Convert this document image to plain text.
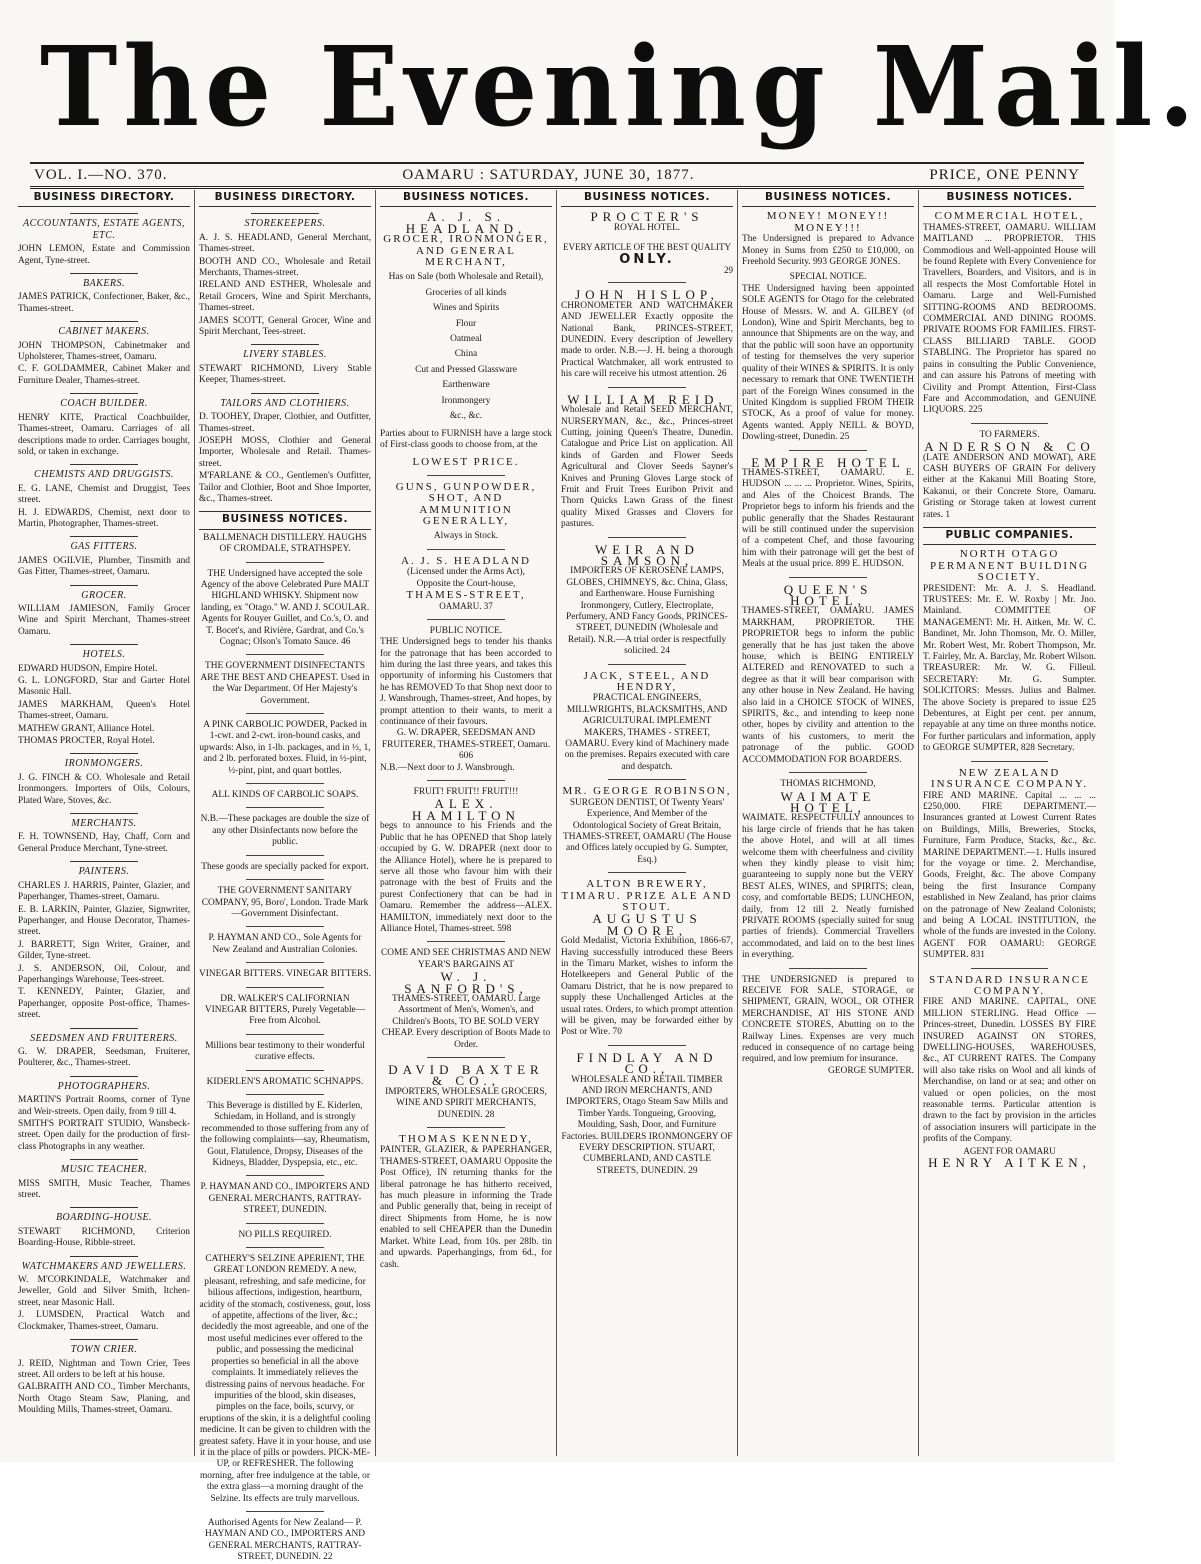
The Evening Mail.
VOL. I.—NO. 370.	OAMARU : SATURDAY, JUNE 30, 1877.	PRICE, ONE PENNY
BUSINESS DIRECTORY.
ACCOUNTANTS, ESTATE AGENTS, ETC.
JOHN LEMON, Estate and Commission Agent, Tyne-street.
BAKERS.
JAMES PATRICK, Confectioner, Baker, &c., Thames-street.
CABINET MAKERS.
JOHN THOMPSON, Cabinetmaker and Upholsterer, Thames-street, Oamaru.
C. F. GOLDAMMER, Cabinet Maker and Furniture Dealer, Thames-street.
COACH BUILDER.
HENRY KITE, Practical Coachbuilder, Thames-street, Oamaru. Carriages of all descriptions made to order. Carriages bought, sold, or taken in exchange.
CHEMISTS AND DRUGGISTS.
E. G. LANE, Chemist and Druggist, Tees street.
H. J. EDWARDS, Chemist, next door to Martin, Photographer, Thames-street.
GAS FITTERS.
JAMES OGILVIE, Plumber, Tinsmith and Gas Fitter, Thames-street, Oamaru.
GROCER.
WILLIAM JAMIESON, Family Grocer Wine and Spirit Merchant, Thames-street Oamaru.
HOTELS.
EDWARD HUDSON, Empire Hotel.
G. L. LONGFORD, Star and Garter Hotel Masonic Hall.
JAMES MARKHAM, Queen's Hotel Thames-street, Oamaru.
MATHEW GRANT, Alliance Hotel.
THOMAS PROCTER, Royal Hotel.
IRONMONGERS.
J. G. FINCH & CO. Wholesale and Retail Ironmongers. Importers of Oils, Colours, Plated Ware, Stoves, &c.
MERCHANTS.
F. H. TOWNSEND, Hay, Chaff, Corn and General Produce Merchant, Tyne-street.
PAINTERS.
CHARLES J. HARRIS, Painter, Glazier, and Paperhanger, Thames-street, Oamaru.
E. B. LARKIN, Painter, Glazier, Signwriter, Paperhanger, and House Decorator, Thames-street.
J. BARRETT, Sign Writer, Grainer, and Gilder, Tyne-street.
J. S. ANDERSON, Oil, Colour, and Paperhangings Warehouse, Tees-street.
T. KENNEDY, Painter, Glazier, and Paperhanger, opposite Post-office, Thames-street.
SEEDSMEN AND FRUITERERS.
G. W. DRAPER, Seedsman, Fruiterer, Poulterer, &c., Thames-street.
PHOTOGRAPHERS.
MARTIN'S Portrait Rooms, corner of Tyne and Weir-streets. Open daily, from 9 till 4.
SMITH'S PORTRAIT STUDIO, Wansbeck-street. Open daily for the production of first-class Photographs in any weather.
MUSIC TEACHER.
MISS SMITH, Music Teacher, Thames street.
BOARDING-HOUSE.
STEWART RICHMOND, Criterion Boarding-House, Ribble-street.
WATCHMAKERS AND JEWELLERS.
W. M'CORKINDALE, Watchmaker and Jeweller, Gold and Silver Smith, Itchen-street, near Masonic Hall.
J. LUMSDEN, Practical Watch and Clockmaker, Thames-street, Oamaru.
TOWN CRIER.
J. REID, Nightman and Town Crier, Tees street. All orders to be left at his house.
GALBRAITH AND CO., Timber Merchants, North Otago Steam Saw, Planing, and Moulding Mills, Thames-street, Oamaru.
BUSINESS DIRECTORY.
STOREKEEPERS.
A. J. S. HEADLAND, General Merchant, Thames-street.
BOOTH AND CO., Wholesale and Retail Merchants, Thames-street.
IRELAND AND ESTHER, Wholesale and Retail Grocers, Wine and Spirit Merchants, Thames-street.
JAMES SCOTT, General Grocer, Wine and Spirit Merchant, Tees-street.
LIVERY STABLES.
STEWART RICHMOND, Livery Stable Keeper, Thames-street.
TAILORS AND CLOTHIERS.
D. TOOHEY, Draper, Clothier, and Outfitter, Thames-street.
JOSEPH MOSS, Clothier and General Importer, Wholesale and Retail. Thames-street.
M'FARLANE & CO., Gentlemen's Outfitter, Tailor and Clothier, Boot and Shoe Importer, &c., Thames-street.
BUSINESS NOTICES.
BALLMENACH DISTILLERY. HAUGHS OF CROMDALE, STRATHSPEY.
THE Undersigned have accepted the sole Agency of the above Celebrated Pure MALT HIGHLAND WHISKY. Shipment now landing, ex "Otago." W. AND J. SCOULAR. Agents for Rouyer Guillet, and Co.'s, O. and T. Bocet's, and Rivière, Gardrat, and Co.'s Cognac; Olson's Tomato Sauce. 46
THE GOVERNMENT DISINFECTANTS ARE THE BEST AND CHEAPEST. Used in the War Department. Of Her Majesty's Government.
A PINK CARBOLIC POWDER, Packed in 1-cwt. and 2-cwt. iron-bound casks, and upwards: Also, in 1-lb. packages, and in ½, 1, and 2 lb. perforated boxes. Fluid, in ½-pint, ½-pint, pint, and quart bottles.
ALL KINDS OF CARBOLIC SOAPS.
N.B.—These packages are double the size of any other Disinfectants now before the public.
These goods are specially packed for export.
THE GOVERNMENT SANITARY COMPANY, 95, Boro', London. Trade Mark—Government Disinfectant.
P. HAYMAN AND CO., Sole Agents for New Zealand and Australian Colonies.
VINEGAR BITTERS. VINEGAR BITTERS.
DR. WALKER'S CALIFORNIAN VINEGAR BITTERS, Purely Vegetable—Free from Alcohol.
Millions bear testimony to their wonderful curative effects.
KIDERLEN'S AROMATIC SCHNAPPS.
This Beverage is distilled by E. Kiderlen, Schiedam, in Holland, and is strongly recommended to those suffering from any of the following complaints—say, Rheumatism, Gout, Flatulence, Dropsy, Diseases of the Kidneys, Bladder, Dyspepsia, etc., etc.
P. HAYMAN AND CO., IMPORTERS AND GENERAL MERCHANTS, RATTRAY-STREET, DUNEDIN.
NO PILLS REQUIRED.
CATHERY'S SELZINE APERIENT, THE GREAT LONDON REMEDY. A new, pleasant, refreshing, and safe medicine, for bilious affections, indigestion, heartburn, acidity of the stomach, costiveness, gout, loss of appetite, affections of the liver, &c.; decidedly the most agreeable, and one of the most useful medicines ever offered to the public, and possessing the medicinal properties so beneficial in all the above complaints. It immediately relieves the distressing pains of nervous headache. For impurities of the blood, skin diseases, pimples on the face, boils, scurvy, or eruptions of the skin, it is a delightful cooling medicine. It can be given to children with the greatest safety. Have it in your house, and use it in the place of pills or powders. PICK-ME-UP, or REFRESHER. The following morning, after free indulgence at the table, or the extra glass—a morning draught of the Selzine. Its effects are truly marvellous.
Authorised Agents for New Zealand— P. HAYMAN AND CO., IMPORTERS AND GENERAL MERCHANTS, RATTRAY-STREET, DUNEDIN. 22
BUSINESS NOTICES.
A. J. S. HEADLAND,
GROCER, IRONMONGER, AND GENERAL MERCHANT,
Has on Sale (both Wholesale and Retail),
Groceries of all kinds
Wines and Spirits
Flour
Oatmeal
China
Cut and Pressed Glassware
Earthenware
Ironmongery
&c., &c.
Parties about to FURNISH have a large stock of First-class goods to choose from, at the
LOWEST PRICE.
GUNS, GUNPOWDER, SHOT, AND AMMUNITION GENERALLY,
Always in Stock.
A. J. S. HEADLAND
(Licensed under the Arms Act),
Opposite the Court-house,
THAMES-STREET,
OAMARU. 37
PUBLIC NOTICE.
THE Undersigned begs to tender his thanks for the patronage that has been accorded to him during the last three years, and takes this opportunity of informing his Customers that he has REMOVED To that Shop next door to J. Wansbrough, Thames-street, And hopes, by prompt attention to their wants, to merit a continuance of their favours.
G. W. DRAPER, SEEDSMAN AND FRUITERER, THAMES-STREET, Oamaru. 606
N.B.—Next door to J. Wansbrough.
FRUIT! FRUIT!! FRUIT!!!
ALEX. HAMILTON
begs to announce to his Friends and the Public that he has OPENED that Shop lately occupied by G. W. DRAPER (next door to the Alliance Hotel), where he is prepared to serve all those who favour him with their patronage with the best of Fruits and the purest Confectionery that can be had in Oamaru. Remember the address—ALEX. HAMILTON, immediately next door to the Alliance Hotel, Thames-street. 598
COME AND SEE CHRISTMAS AND NEW YEAR'S BARGAINS AT
W. J. SANFORD'S,
THAMES-STREET, OAMARU. Large Assortment of Men's, Women's, and Children's Boots, TO BE SOLD VERY CHEAP. Every description of Boots Made to Order.
DAVID BAXTER & CO.,
IMPORTERS, WHOLESALE GROCERS, WINE AND SPIRIT MERCHANTS, DUNEDIN. 28
THOMAS KENNEDY,
PAINTER, GLAZIER, & PAPERHANGER, THAMES-STREET, OAMARU Opposite the Post Office), IN returning thanks for the liberal patronage he has hitherto received, has much pleasure in informing the Trade and Public generally that, being in receipt of direct Shipments from Home, he is now enabled to sell CHEAPER than the Dunedin Market. White Lead, from 10s. per 28lb. tin and upwards. Paperhangings, from 6d., for cash.
BUSINESS NOTICES.
PROCTER'S
ROYAL HOTEL.
EVERY ARTICLE OF THE BEST QUALITY
ONLY.
29
JOHN HISLOP,
CHRONOMETER AND WATCHMAKER AND JEWELLER Exactly opposite the National Bank, PRINCES-STREET, DUNEDIN. Every description of Jewellery made to order. N.B.—J. H. being a thorough Practical Watchmaker, all work entrusted to his care will receive his utmost attention. 26
WILLIAM REID,
Wholesale and Retail SEED MERCHANT, NURSERYMAN, &c., &c., Princes-street Cutting, joining Queen's Theatre, Dunedin. Catalogue and Price List on application. All kinds of Garden and Flower Seeds Agricultural and Clover Seeds Sayner's Knives and Pruning Gloves Large stock of Fruit and Fruit Trees Euribon Privit and Thorn Quicks Lawn Grass of the finest quality Mixed Grasses and Clovers for pastures.
WEIR AND SAMSON,
IMPORTERS OF KEROSENE LAMPS, GLOBES, CHIMNEYS, &c. China, Glass, and Earthenware. House Furnishing Ironmongery, Cutlery, Electroplate, Perfumery, AND Fancy Goods, PRINCES-STREET, DUNEDIN (Wholesale and Retail). N.R.—A trial order is respectfully solicited. 24
JACK, STEEL, AND HENDRY,
PRACTICAL ENGINEERS, MILLWRIGHTS, BLACKSMITHS, AND AGRICULTURAL IMPLEMENT MAKERS, THAMES - STREET, OAMARU. Every kind of Machinery made on the premises. Repairs executed with care and despatch.
MR. GEORGE ROBINSON,
SURGEON DENTIST, Of Twenty Years' Experience, And Member of the Odontological Society of Great Britain, THAMES-STREET, OAMARU (The House and Offices lately occupied by G. Sumpter, Esq.)
ALTON BREWERY, TIMARU. PRIZE ALE AND STOUT.
AUGUSTUS MOORE,
Gold Medalist, Victoria Exhibition, 1866-67, Having successfully introduced these Beers in the Timaru Market, wishes to inform the Hotelkeepers and General Public of the Oamaru District, that he is now prepared to supply these Unchallenged Articles at the usual rates. Orders, to which prompt attention will be given, may be forwarded either by Post or Wire. 70
FINDLAY AND CO.,
WHOLESALE AND RETAIL TIMBER AND IRON MERCHANTS, AND IMPORTERS, Otago Steam Saw Mills and Timber Yards. Tongueing, Grooving, Moulding, Sash, Door, and Furniture Factories. BUILDERS IRONMONGERY OF EVERY DESCRIPTION. STUART, CUMBERLAND, AND CASTLE STREETS, DUNEDIN. 29
BUSINESS NOTICES.
MONEY! MONEY!! MONEY!!!
The Undersigned is prepared to Advance Money in Sums from £250 to £10,000, on Freehold Security. 993 GEORGE JONES.
SPECIAL NOTICE.
THE Undersigned having been appointed SOLE AGENTS for Otago for the celebrated House of Messrs. W. and A. GILBEY (of London), Wine and Spirit Merchants, beg to announce that Shipments are on the way, and that the public will soon have an opportunity of testing for themselves the very superior quality of their WINES & SPIRITS. It is only necessary to remark that ONE TWENTIETH part of the Foreign Wines consumed in the United Kingdom is supplied FROM THEIR STOCK, As a proof of value for money. Agents wanted. Apply NEILL & BOYD, Dowling-street, Dunedin. 25
EMPIRE HOTEL
THAMES-STREET, OAMARU. E. HUDSON ... ... ... Proprietor. Wines, Spirits, and Ales of the Choicest Brands. The Proprietor begs to inform his friends and the public generally that the Shades Restaurant will be still continued under the supervision of a competent Chef, and those favouring him with their patronage will get the best of Meals at the usual price. 899 E. HUDSON.
QUEEN'S HOTEL,
THAMES-STREET, OAMARU. JAMES MARKHAM, PROPRIETOR. THE PROPRIETOR begs to inform the public generally that he has just taken the above house, which is BEING ENTIRELY ALTERED and RENOVATED to such a degree as that it will bear comparison with any other house in New Zealand. He having also laid in a CHOICE STOCK of WINES, SPIRITS, &c., and intending to keep none other, hopes by civility and attention to the wants of his customers, to merit the patronage of the public. GOOD ACCOMMODATION FOR BOARDERS.
THOMAS RICHMOND,
WAIMATE HOTEL,
WAIMATE. RESPECTFULLY announces to his large circle of friends that he has taken the above Hotel, and will at all times welcome them with cheerfulness and civility when they kindly please to visit him; guaranteeing to supply none but the VERY BEST ALES, WINES, and SPIRITS; clean, cosy, and comfortable BEDS; LUNCHEON, daily, from 12 till 2. Neatly furnished PRIVATE ROOMS (specially suited for snug parties of friends). Commercial Travellers accommodated, and laid on to the best lines in everything.
THE UNDERSIGNED is prepared to RECEIVE FOR SALE, STORAGE, or SHIPMENT, GRAIN, WOOL, OR OTHER MERCHANDISE, AT HIS STONE AND CONCRETE STORES, Abutting on to the Railway Lines. Expenses are very much reduced in consequence of no cartage being required, and low premium for insurance.
GEORGE SUMPTER.
BUSINESS NOTICES.
COMMERCIAL HOTEL,
THAMES-STREET, OAMARU. WILLIAM MAITLAND ... PROPRIETOR. THIS Commodious and Well-appointed House will be found Replete with Every Convenience for Travellers, Boarders, and Visitors, and is in all respects the Most Comfortable Hotel in Oamaru. Large and Well-Furnished SITTING-ROOMS AND BEDROOMS. COMMERCIAL AND DINING ROOMS. PRIVATE ROOMS FOR FAMILIES. FIRST-CLASS BILLIARD TABLE. GOOD STABLING. The Proprietor has spared no pains in consulting the Public Convenience, and can assure his Patrons of meeting with Civility and Prompt Attention, First-Class Fare and Accommodation, and GENUINE LIQUORS. 225
TO FARMERS.
ANDERSON & CO
(LATE ANDERSON AND MOWAT), ARE CASH BUYERS OF GRAIN For delivery either at the Kakanui Mill Boating Store, Kakanui, or their Concrete Store, Oamaru. Gristing or Storage taken at lowest current rates. 1
PUBLIC COMPANIES.
NORTH OTAGO PERMANENT BUILDING SOCIETY.
PRESIDENT: Mr. A. J. S. Headland. TRUSTEES: Mr. E. W. Roxby | Mr. Jno. Mainland. COMMITTEE OF MANAGEMENT: Mr. H. Aitken, Mr. W. C. Bandinet, Mr. John Thomson, Mr. O. Miller, Mr. Robert West, Mr. Robert Thompson, Mr. T. Fairley, Mr. A. Barclay, Mr. Robert Wilson. TREASURER: Mr. W. G. Filleul. SECRETARY: Mr. G. Sumpter. SOLICITORS: Messrs. Julius and Balmer. The above Society is prepared to issue £25 Debentures, at Eight per cent. per annum, repayable at any time on three months notice. For further particulars and information, apply to GEORGE SUMPTER, 828 Secretary.
NEW ZEALAND INSURANCE COMPANY.
FIRE AND MARINE. Capital ... ... ... £250,000. FIRE DEPARTMENT.—Insurances granted at Lowest Current Rates on Buildings, Mills, Breweries, Stocks, Furniture, Farm Produce, Stacks, &c., &c. MARINE DEPARTMENT.—1. Hulls insured for the voyage or time. 2. Merchandise, Goods, Freight, &c. The above Company being the first Insurance Company established in New Zealand, has prior claims on the patronage of New Zealand Colonists; and being A LOCAL INSTITUTION, the whole of the funds are invested in the Colony. AGENT FOR OAMARU: GEORGE SUMPTER. 831
STANDARD INSURANCE COMPANY.
FIRE AND MARINE. CAPITAL, ONE MILLION STERLING. Head Office — Princes-street, Dunedin. LOSSES BY FIRE INSURED AGAINST ON STORES, DWELLING-HOUSES, WAREHOUSES, &c., AT CURRENT RATES. The Company will also take risks on Wool and all kinds of Merchandise, on land or at sea; and other on valued or open policies, on the most reasonable terms. Particular attention is drawn to the fact by provision in the articles of association insurers will participate in the profits of the Company.
AGENT FOR OAMARU
HENRY AITKEN,
